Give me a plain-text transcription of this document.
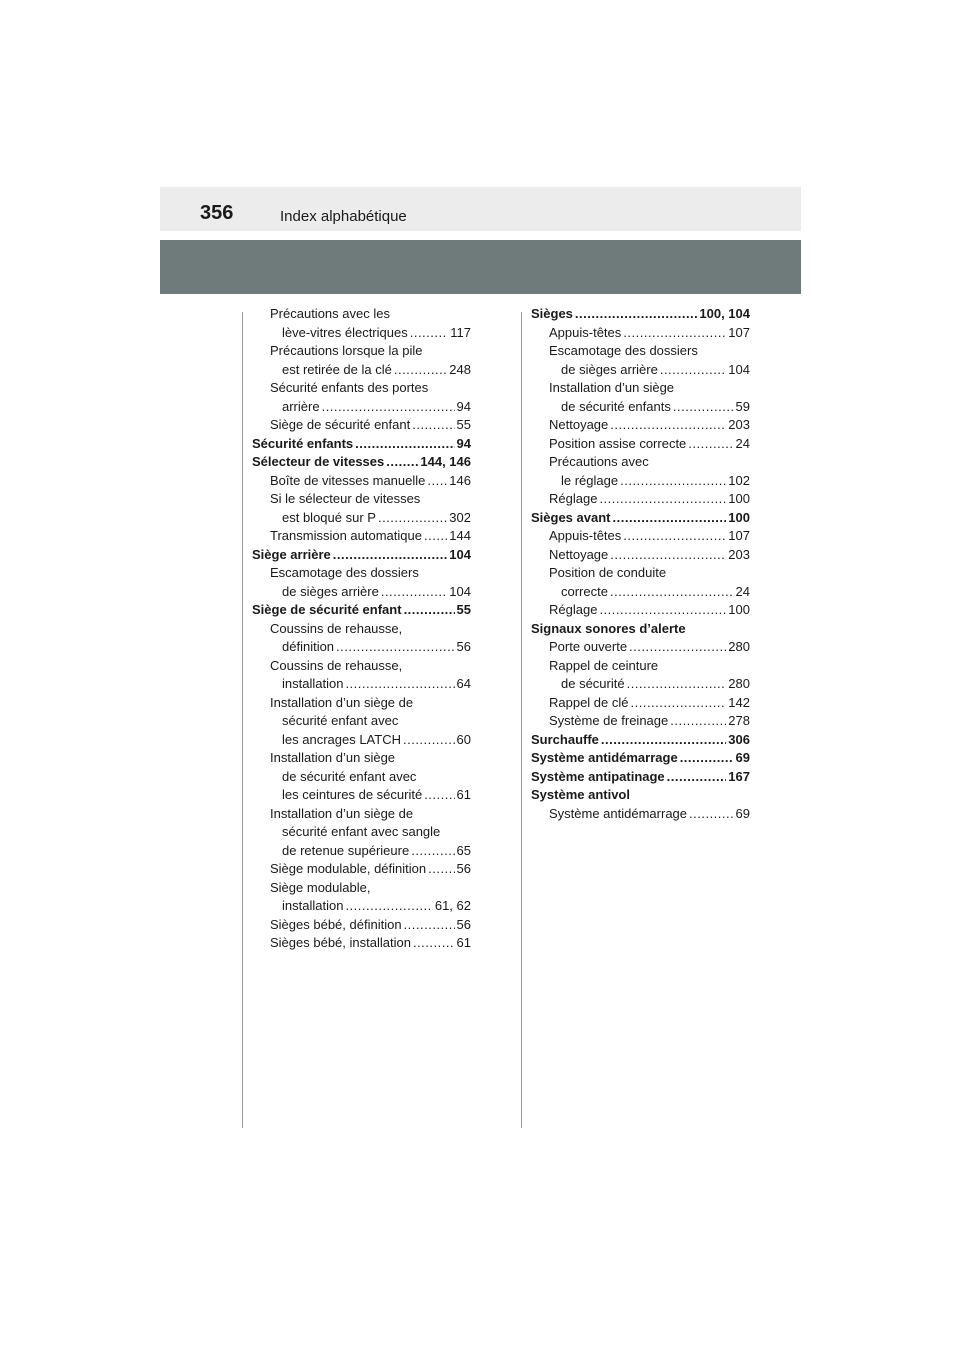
356	Index alphabétique
Précautions avec les
lève-vitres électriques .....	117
Précautions lorsque la pile
est retirée de la clé .....	248
Sécurité enfants des portes
arrière .....	94
Siège de sécurité enfant .....	55
Sécurité enfants .....	94
Sélecteur de vitesses .....	144, 146
Boîte de vitesses manuelle ..... 146
Si le sélecteur de vitesses
est bloqué sur P .....	302
Transmission automatique ..... 144
Siège arrière .....	104
Escamotage des dossiers
de sièges arrière .....	104
Siège de sécurité enfant .....	55
Coussins de rehausse,
définition .....	56
Coussins de rehausse,
installation .....	64
Installation d’un siège de
sécurité enfant avec
les ancrages LATCH .....	60
Installation d’un siège
de sécurité enfant avec
les ceintures de sécurité .....	61
Installation d’un siège de
sécurité enfant avec sangle
de retenue supérieure .....	65
Siège modulable, définition ..... 56
Siège modulable,
installation .....	61, 62
Sièges bébé, définition .....	56
Sièges bébé, installation .....	61
Sièges .....	100, 104
Appuis-têtes .....	107
Escamotage des dossiers
de sièges arrière .....	104
Installation d’un siège
de sécurité enfants .....	59
Nettoyage .....	203
Position assise correcte .....	24
Précautions avec
le réglage .....	102
Réglage .....	100
Sièges avant .....	100
Appuis-têtes .....	107
Nettoyage .....	203
Position de conduite
correcte .....	24
Réglage .....	100
Signaux sonores d’alerte
Porte ouverte .....	280
Rappel de ceinture
de sécurité .....	280
Rappel de clé .....	142
Système de freinage .....	278
Surchauffe .....	306
Système antidémarrage .....	69
Système antipatinage .....	167
Système antivol
Système antidémarrage .....	69
